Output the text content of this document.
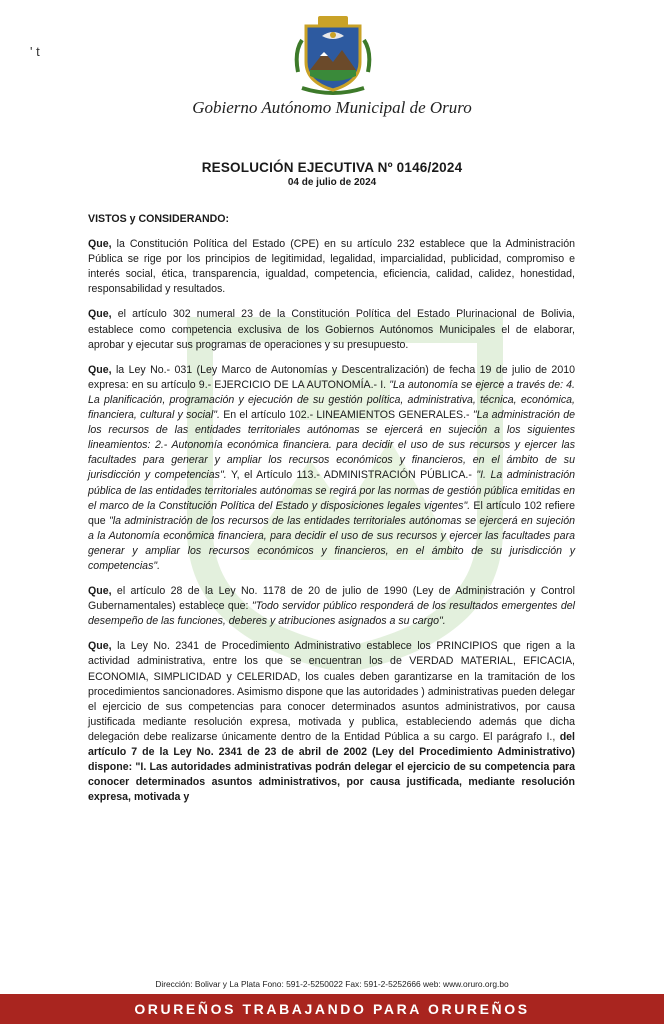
' t
Gobierno Autónomo Municipal de Oruro
RESOLUCIÓN EJECUTIVA Nº 0146/2024
04 de julio de 2024
VISTOS y CONSIDERANDO:

Que, la Constitución Política del Estado (CPE) en su artículo 232 establece que la Administración Pública se rige por los principios de legitimidad, legalidad, imparcialidad, publicidad, compromiso e interés social, ética, transparencia, igualdad, competencia, eficiencia, calidad, calidez, honestidad, responsabilidad y resultados.

Que, el artículo 302 numeral 23 de la Constitución Política del Estado Plurinacional de Bolivia, establece como competencia exclusiva de los Gobiernos Autónomos Municipales el de elaborar, aprobar y ejecutar sus programas de operaciones y su presupuesto.

Que, la Ley No.- 031 (Ley Marco de Autonomías y Descentralización) de fecha 19 de julio de 2010 expresa: en su artículo 9.- EJERCICIO DE LA AUTONOMÍA.- I. "La autonomía se ejerce a través de: 4. La planificación, programación y ejecución de su gestión política, administrativa, técnica, económica, financiera, cultural y social". En el artículo 102.- LINEAMIENTOS GENERALES.- "La administración de los recursos de las entidades territoriales autónomas se ejercerá en sujeción a los siguientes lineamientos: 2.- Autonomía económica financiera. para decidir el uso de sus recursos y ejercer las facultades para generar y ampliar los recursos económicos y financieros, en el ámbito de su jurisdicción y competencias". Y, el Artículo 113.- ADMINISTRACIÓN PÚBLICA.- "I. La administración pública de las entidades territoriales autónomas se regirá por las normas de gestión pública emitidas en el marco de la Constitución Política del Estado y disposiciones legales vigentes". El artículo 102 refiere que "la administración de los recursos de las entidades territoriales autónomas se ejercerá en sujeción a la Autonomía económica financiera, para decidir el uso de sus recursos y ejercer las facultades para generar y ampliar los recursos económicos y financieros, en el ámbito de su jurisdicción y competencias".

Que, el artículo 28 de la Ley No. 1178 de 20 de julio de 1990 (Ley de Administración y Control Gubernamentales) establece que: "Todo servidor público responderá de los resultados emergentes del desempeño de las funciones, deberes y atribuciones asignados a su cargo".

Que, la Ley No. 2341 de Procedimiento Administrativo establece los PRINCIPIOS que rigen a la actividad administrativa, entre los que se encuentran los de VERDAD MATERIAL, EFICACIA, ECONOMIA, SIMPLICIDAD y CELERIDAD, los cuales deben garantizarse en la tramitación de los procedimientos sancionadores. Asimismo dispone que las autoridades ) administrativas pueden delegar el ejercicio de sus competencias para conocer determinados asuntos administrativos, por causa justificada mediante resolución expresa, motivada y publica, estableciendo además que dicha delegación debe realizarse únicamente dentro de la Entidad Pública a su cargo. El parágrafo I., del artículo 7 de la Ley No. 2341 de 23 de abril de 2002 (Ley del Procedimiento Administrativo) dispone: "I. Las autoridades administrativas podrán delegar el ejercicio de su competencia para conocer determinados asuntos administrativos, por causa justificada, mediante resolución expresa, motivada y

Dirección: Bolivar y La Plata Fono: 591-2-5250022 Fax: 591-2-5252666 web: www.oruro.org.bo
ORUREÑOS TRABAJANDO PARA ORUREÑOS
